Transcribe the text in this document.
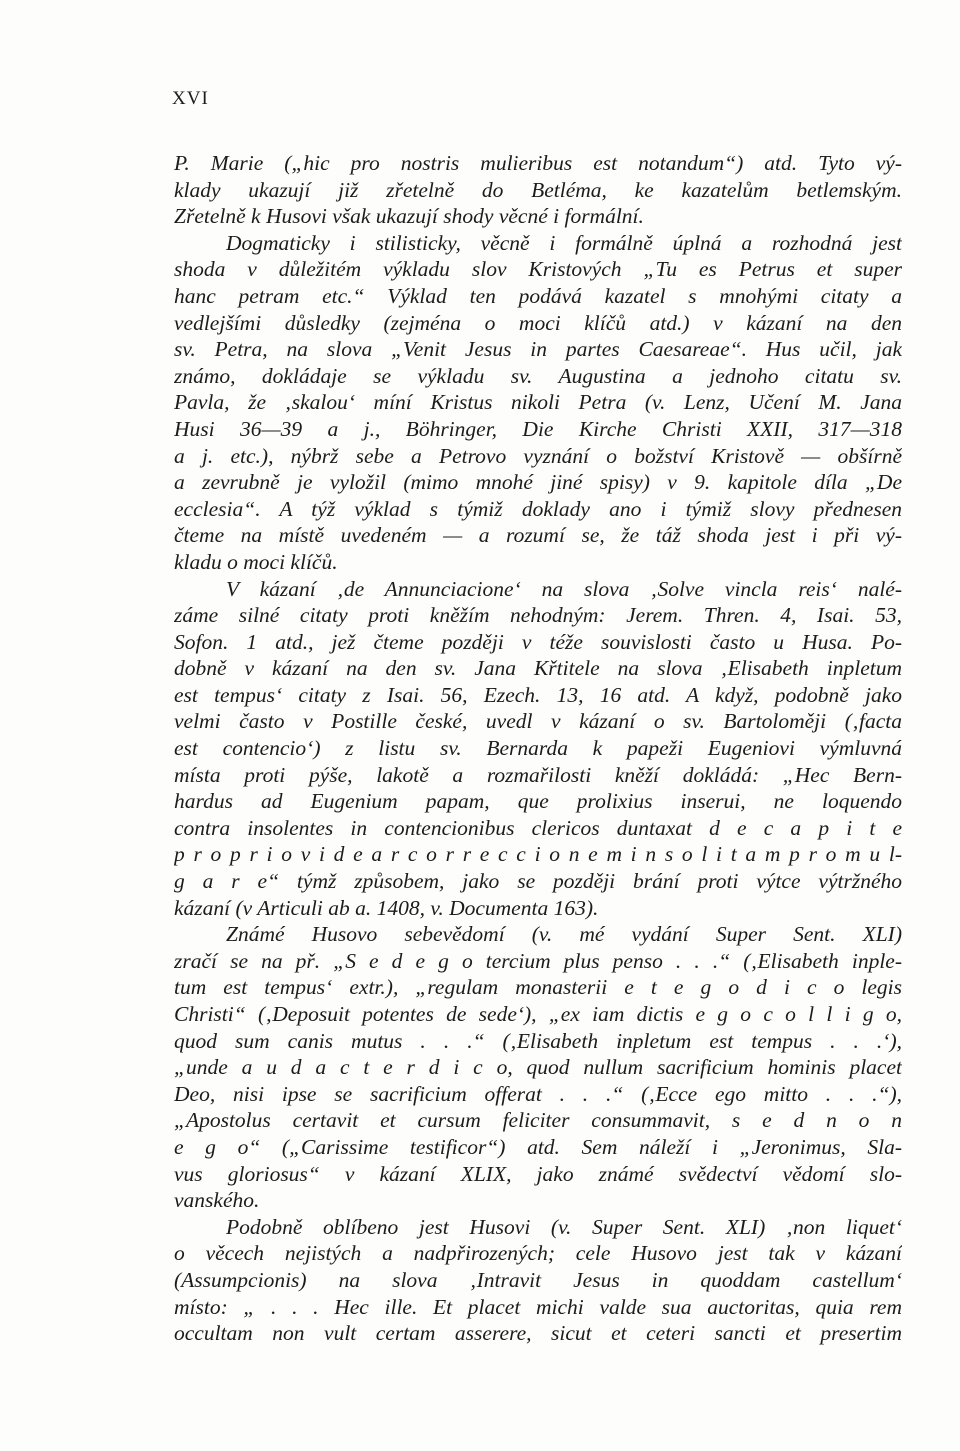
XVI
P. Marie („hic pro nostris mulieribus est notandum“) atd. Tyto vý-
klady ukazují již zřetelně do Betléma, ke kazatelům betlemským.
Zřetelně k Husovi však ukazují shody věcné i formální.
Dogmaticky i stilisticky, věcně i formálně úplná a rozhodná jest
shoda v důležitém výkladu slov Kristových „Tu es Petrus et super
hanc petram etc.“ Výklad ten podává kazatel s mnohými citaty a
vedlejšími důsledky (zejména o moci klíčů atd.) v kázaní na den
sv. Petra, na slova „Venit Jesus in partes Caesareae“. Hus učil, jak
známo, dokládaje se výkladu sv. Augustina a jednoho citatu sv.
Pavla, že ‚skalou‘ míní Kristus nikoli Petra (v. Lenz, Učení M. Jana
Husi 36—39 a j., Böhringer, Die Kirche Christi XXII, 317—318
a j. etc.), nýbrž sebe a Petrovo vyznání o božství Kristově — obšírně
a zevrubně je vyložil (mimo mnohé jiné spisy) v 9. kapitole díla „De
ecclesia“. A týž výklad s týmiž doklady ano i týmiž slovy přednesen
čteme na místě uvedeném — a rozumí se, že táž shoda jest i při vý-
kladu o moci klíčů.
V kázaní ‚de Annunciacione‘ na slova ‚Solve vincla reis‘ nalé-
záme silné citaty proti kněžím nehodným: Jerem. Thren. 4, Isai. 53,
Sofon. 1 atd., jež čteme později v téže souvislosti často u Husa. Po-
dobně v kázaní na den sv. Jana Křtitele na slova ‚Elisabeth inpletum
est tempus‘ citaty z Isai. 56, Ezech. 13, 16 atd. A když, podobně jako
velmi často v Postille české, uvedl v kázaní o sv. Bartoloměji (‚facta
est contencio‘) z listu sv. Bernarda k papeži Eugeniovi výmluvná
místa proti pýše, lakotě a rozmařilosti kněží dokládá: „Hec Bern-
hardus ad Eugenium papam, que prolixius inserui, ne loquendo
contra insolentes in contencionibus clericos duntaxat d e c a p i t e
p r o p r i o v i d e a r c o r r e c c i o n e m i n s o l i t a m p r o m u l-
g a r e“ týmž způsobem, jako se později brání proti výtce výtržného
kázaní (v Articuli ab a. 1408, v. Documenta 163).
Známé Husovo sebevědomí (v. mé vydání Super Sent. XLI)
zračí se na př. „S e d e g o tercium plus penso . . .“ (‚Elisabeth inple-
tum est tempus‘ extr.), „regulam monasterii e t e g o d i c o legis
Christi“ (‚Deposuit potentes de sede‘), „ex iam dictis e g o c o l l i g o,
quod sum canis mutus . . .“ (‚Elisabeth inpletum est tempus . . .‘),
„unde a u d a c t e r d i c o, quod nullum sacrificium hominis placet
Deo, nisi ipse se sacrificium offerat . . .“ (‚Ecce ego mitto . . .“),
„Apostolus certavit et cursum feliciter consummavit, s e d n o n
e g o“ („Carissime testificor“) atd. Sem náleží i „Jeronimus, Sla-
vus gloriosus“ v kázaní XLIX, jako známé svědectví vědomí slo-
vanského.
Podobně oblíbeno jest Husovi (v. Super Sent. XLI) ‚non liquet‘
o věcech nejistých a nadpřirozených; cele Husovo jest tak v kázaní
(Assumpcionis) na slova ‚Intravit Jesus in quoddam castellum‘
místo: „ . . . Hec ille. Et placet michi valde sua auctoritas, quia rem
occultam non vult certam asserere, sicut et ceteri sancti et presertim
